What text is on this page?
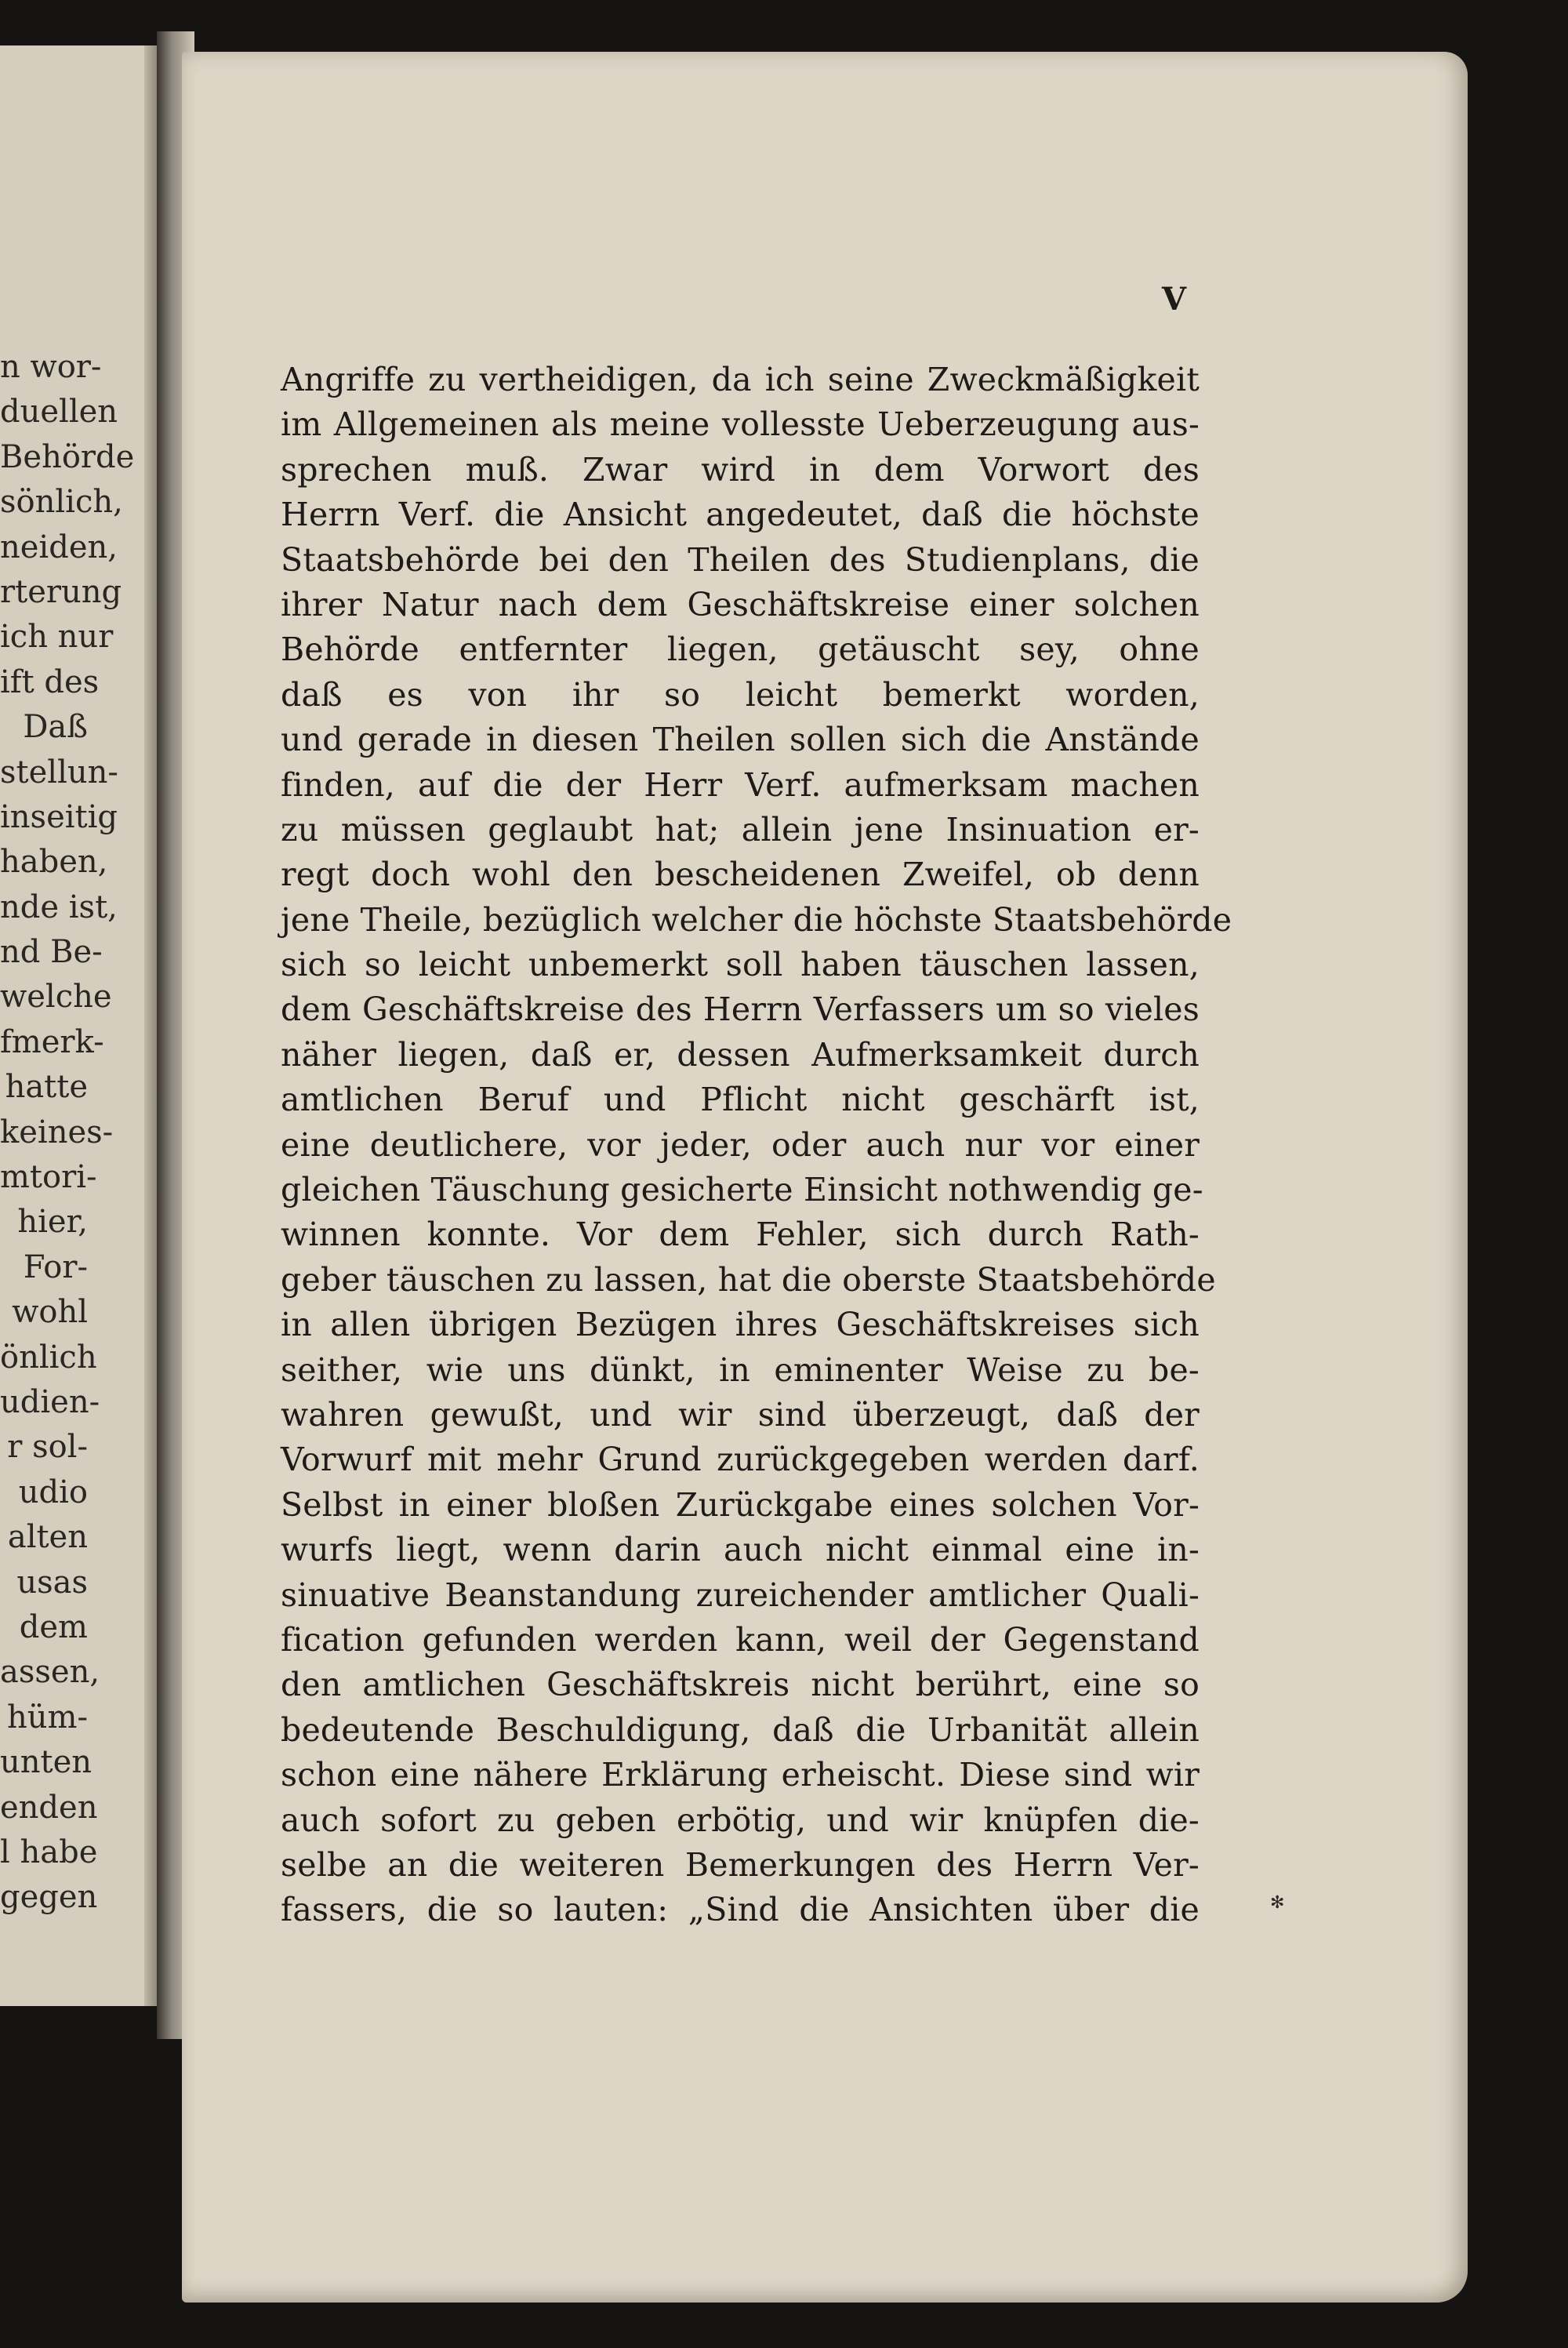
n wor-
duellen
Behörde
sönlich,
neiden,
rterung
ich nur
ift des
Daß
stellun-
inseitig
haben,
nde ist,
nd Be-
welche
fmerk-
hatte
keines-
mtori-
hier,
For-
wohl
önlich
udien-
r sol-
udio
alten
usas
dem
assen,
hüm-
unten
enden
l habe
gegen
V
Angriffe zu vertheidigen, da ich seine Zweckmäßigkeit
im Allgemeinen als meine vollesste Ueberzeugung aus-
sprechen muß. Zwar wird in dem Vorwort des
Herrn Verf. die Ansicht angedeutet, daß die höchste
Staatsbehörde bei den Theilen des Studienplans, die
ihrer Natur nach dem Geschäftskreise einer solchen
Behörde entfernter liegen, getäuscht sey, ohne
daß es von ihr so leicht bemerkt worden,
und gerade in diesen Theilen sollen sich die Anstände
finden, auf die der Herr Verf. aufmerksam machen
zu müssen geglaubt hat; allein jene Insinuation er-
regt doch wohl den bescheidenen Zweifel, ob denn
jene Theile, bezüglich welcher die höchste Staatsbehörde
sich so leicht unbemerkt soll haben täuschen lassen,
dem Geschäftskreise des Herrn Verfassers um so vieles
näher liegen, daß er, dessen Aufmerksamkeit durch
amtlichen Beruf und Pflicht nicht geschärft ist,
eine deutlichere, vor jeder, oder auch nur vor einer
gleichen Täuschung gesicherte Einsicht nothwendig ge-
winnen konnte. Vor dem Fehler, sich durch Rath-
geber täuschen zu lassen, hat die oberste Staatsbehörde
in allen übrigen Bezügen ihres Geschäftskreises sich
seither, wie uns dünkt, in eminenter Weise zu be-
wahren gewußt, und wir sind überzeugt, daß der
Vorwurf mit mehr Grund zurückgegeben werden darf.
Selbst in einer bloßen Zurückgabe eines solchen Vor-
wurfs liegt, wenn darin auch nicht einmal eine in-
sinuative Beanstandung zureichender amtlicher Quali-
fication gefunden werden kann, weil der Gegenstand
den amtlichen Geschäftskreis nicht berührt, eine so
bedeutende Beschuldigung, daß die Urbanität allein
schon eine nähere Erklärung erheischt. Diese sind wir
auch sofort zu geben erbötig, und wir knüpfen die-
selbe an die weiteren Bemerkungen des Herrn Ver-
fassers, die so lauten: „Sind die Ansichten über die	✻
